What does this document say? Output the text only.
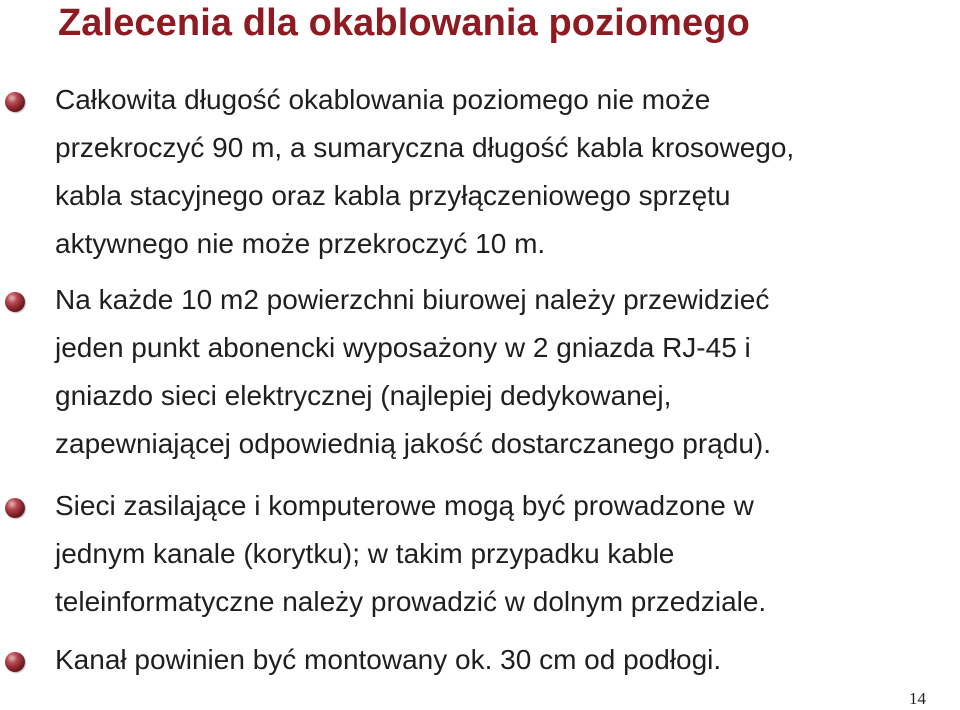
Zalecenia dla okablowania poziomego

Całkowita długość okablowania poziomego nie może
przekroczyć 90 m, a sumaryczna długość kabla krosowego,
kabla stacyjnego oraz kabla przyłączeniowego sprzętu
aktywnego nie może przekroczyć 10 m.

Na każde 10 m2 powierzchni biurowej należy przewidzieć
jeden punkt abonencki wyposażony w 2 gniazda RJ-45 i
gniazdo sieci elektrycznej (najlepiej dedykowanej,
zapewniającej odpowiednią jakość dostarczanego prądu).

Sieci zasilające i komputerowe mogą być prowadzone w
jednym kanale (korytku); w takim przypadku kable
teleinformatyczne należy prowadzić w dolnym przedziale.

Kanał powinien być montowany ok. 30 cm od podłogi.

14
